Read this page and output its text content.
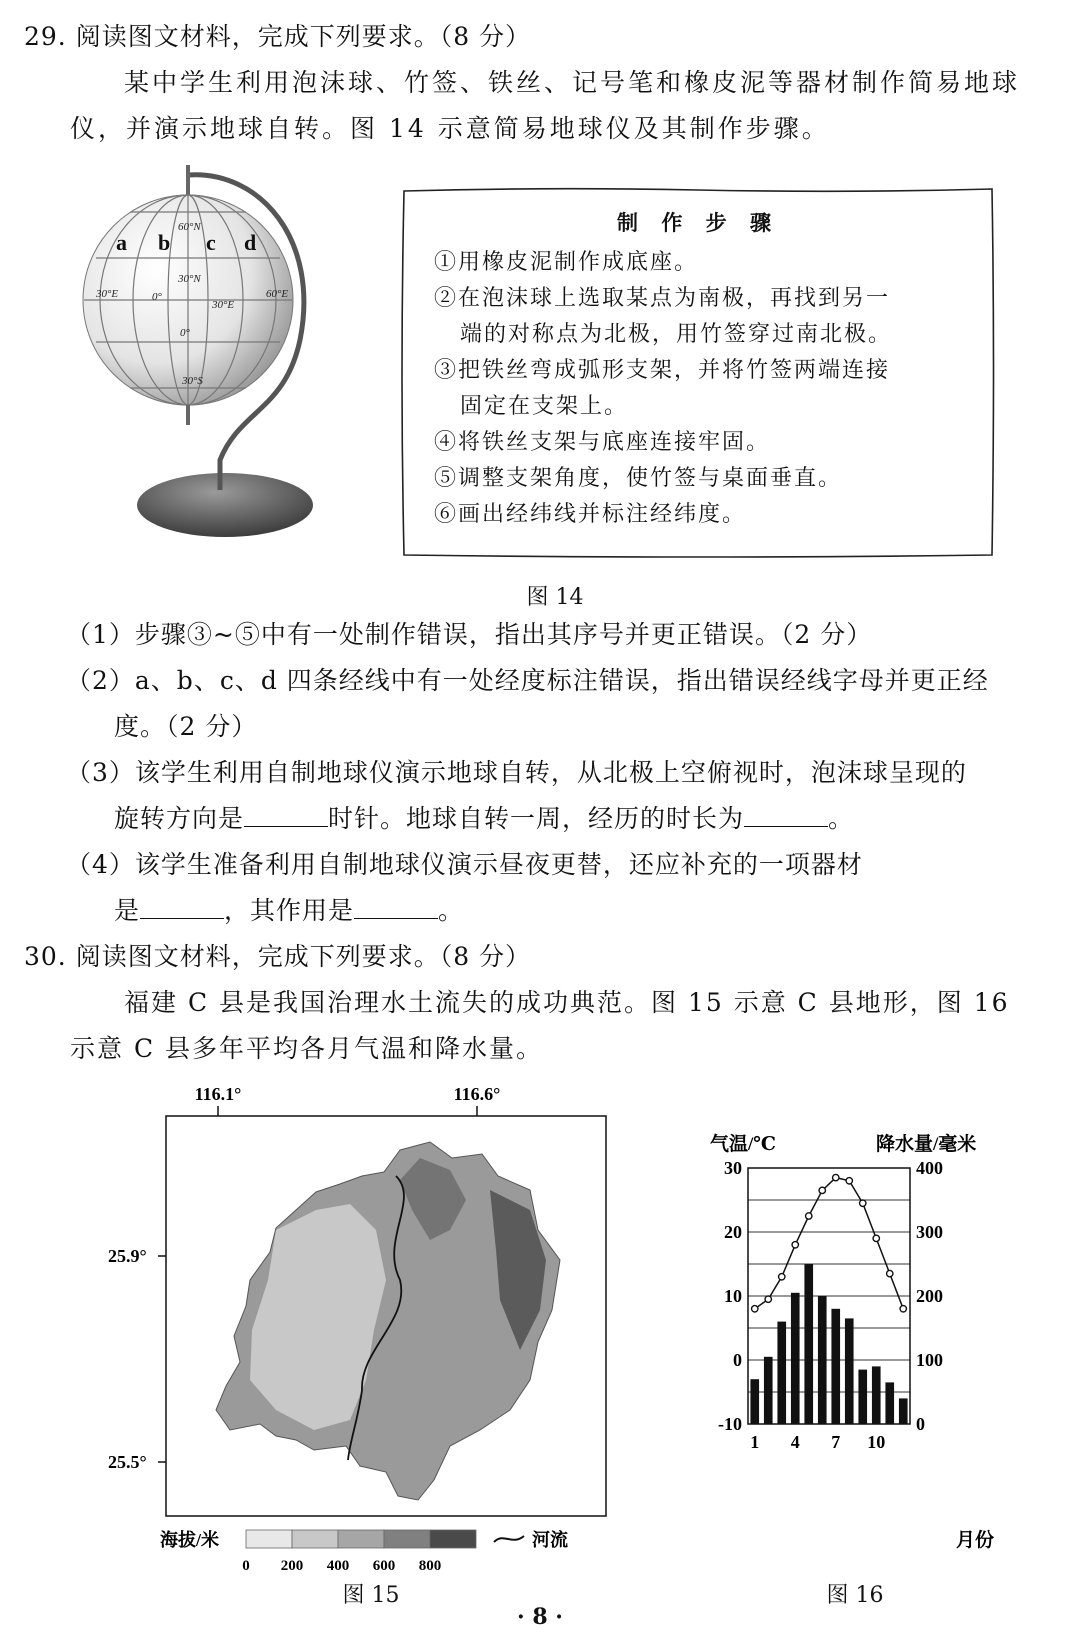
29. 阅读图文材料，完成下列要求。（8 分）
某中学生利用泡沫球、竹签、铁丝、记号笔和橡皮泥等器材制作简易地球
仪，并演示地球自转。图 14 示意简易地球仪及其制作步骤。
a b c d
60°N
30°N
30°E	0°
30°E
60°E
0°
30°S
制 作 步 骤
①用橡皮泥制作成底座。
②在泡沫球上选取某点为南极，再找到另一
端的对称点为北极，用竹签穿过南北极。
③把铁丝弯成弧形支架，并将竹签两端连接
固定在支架上。
④将铁丝支架与底座连接牢固。
⑤调整支架角度，使竹签与桌面垂直。
⑥画出经纬线并标注经纬度。
图 14
（1）步骤③~⑤中有一处制作错误，指出其序号并更正错误。（2 分）
（2）a、b、c、d 四条经线中有一处经度标注错误，指出错误经线字母并更正经
度。（2 分）
（3）该学生利用自制地球仪演示地球自转，从北极上空俯视时，泡沫球呈现的
旋转方向是	时针。地球自转一周，经历的时长为	。
（4）该学生准备利用自制地球仪演示昼夜更替，还应补充的一项器材
是	，其作用是	。
30. 阅读图文材料，完成下列要求。（8 分）
福建 C 县是我国治理水土流失的成功典范。图 15 示意 C 县地形，图 16
示意 C 县多年平均各月气温和降水量。
116.1°	116.6°
25.9°
25.5°
海拔/米
0 200 400 600 800
河流
图 15
气温/℃	降水量/毫米
月份
30
20
10
0
-10
400
300
200
100
0
1 4 7 10
图 16
· 8 ·
